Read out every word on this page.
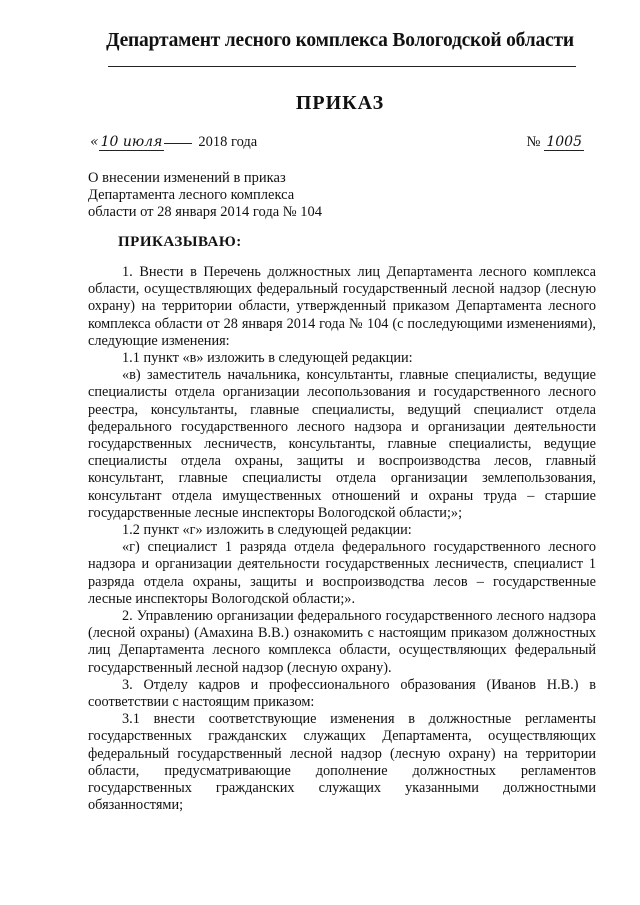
Департамент лесного комплекса Вологодской области
ПРИКАЗ
« 10 июля 2018 года	№ 1005
О внесении изменений в приказ
Департамента лесного комплекса
области от 28 января 2014 года № 104
ПРИКАЗЫВАЮ:

1. Внести в Перечень должностных лиц Департамента лесного комплекса области, осуществляющих федеральный государственный лесной надзор (лесную охрану) на территории области, утвержденный приказом Департамента лесного комплекса области от 28 января 2014 года № 104 (с последующими изменениями), следующие изменения:

1.1 пункт «в» изложить в следующей редакции:

«в) заместитель начальника, консультанты, главные специалисты, ведущие специалисты отдела организации лесопользования и государственного лесного реестра, консультанты, главные специалисты, ведущий специалист отдела федерального государственного лесного надзора и организации деятельности государственных лесничеств, консультанты, главные специалисты, ведущие специалисты отдела охраны, защиты и воспроизводства лесов, главный консультант, главные специалисты отдела организации землепользования, консультант отдела имущественных отношений и охраны труда – старшие государственные лесные инспекторы Вологодской области;»;

1.2 пункт «г» изложить в следующей редакции:

«г) специалист 1 разряда отдела федерального государственного лесного надзора и организации деятельности государственных лесничеств, специалист 1 разряда отдела охраны, защиты и воспроизводства лесов – государственные лесные инспекторы Вологодской области;».

2. Управлению организации федерального государственного лесного надзора (лесной охраны) (Амахина В.В.) ознакомить с настоящим приказом должностных лиц Департамента лесного комплекса области, осуществляющих федеральный государственный лесной надзор (лесную охрану).

3. Отделу кадров и профессионального образования (Иванов Н.В.) в соответствии с настоящим приказом:

3.1 внести соответствующие изменения в должностные регламенты государственных гражданских служащих Департамента, осуществляющих федеральный государственный лесной надзор (лесную охрану) на территории области, предусматривающие дополнение должностных регламентов государственных гражданских служащих указанными должностными обязанностями;
